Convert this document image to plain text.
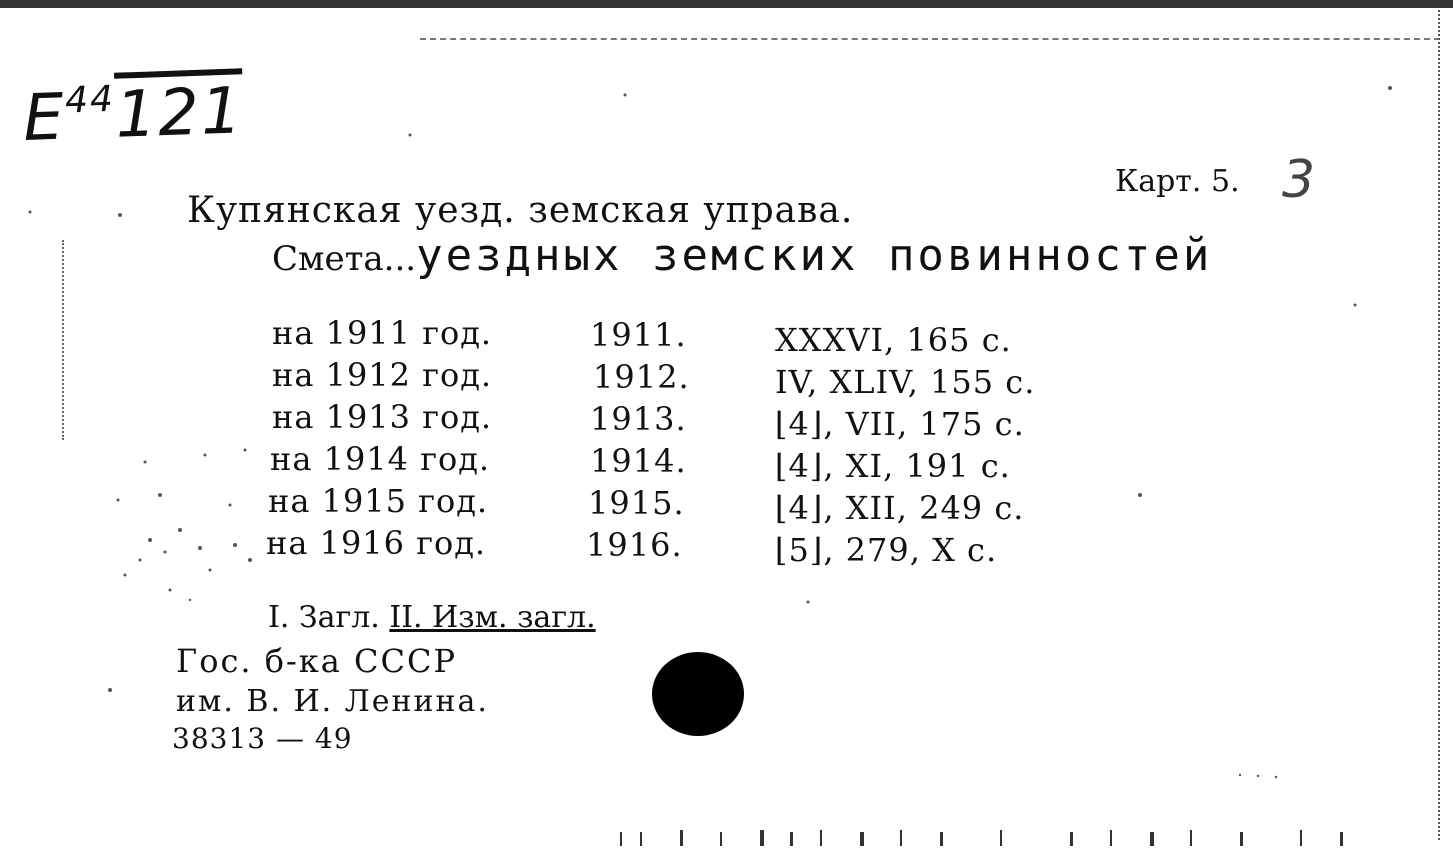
$E^{44}121$
Карт. 5. 3
Купянская уезд. земская управа.
Смета...уездных земских повинностей
на 1911 год.	1911.	XXXVI, 165 с.
на 1912 год.	1912.	IV, XLIV, 155 с.
на 1913 год.	1913.	⌊4⌋, VII, 175 с.
на 1914 год.	1914.	⌊4⌋, XI, 191 с.
на 1915 год.	1915.	⌊4⌋, XII, 249 с.
на 1916 год.	1916.	⌊5⌋, 279, X с.
I. Загл. II. Изм. загл.
Гос. б-ка СССР
им. В. И. Ленина.
38313 — 49
